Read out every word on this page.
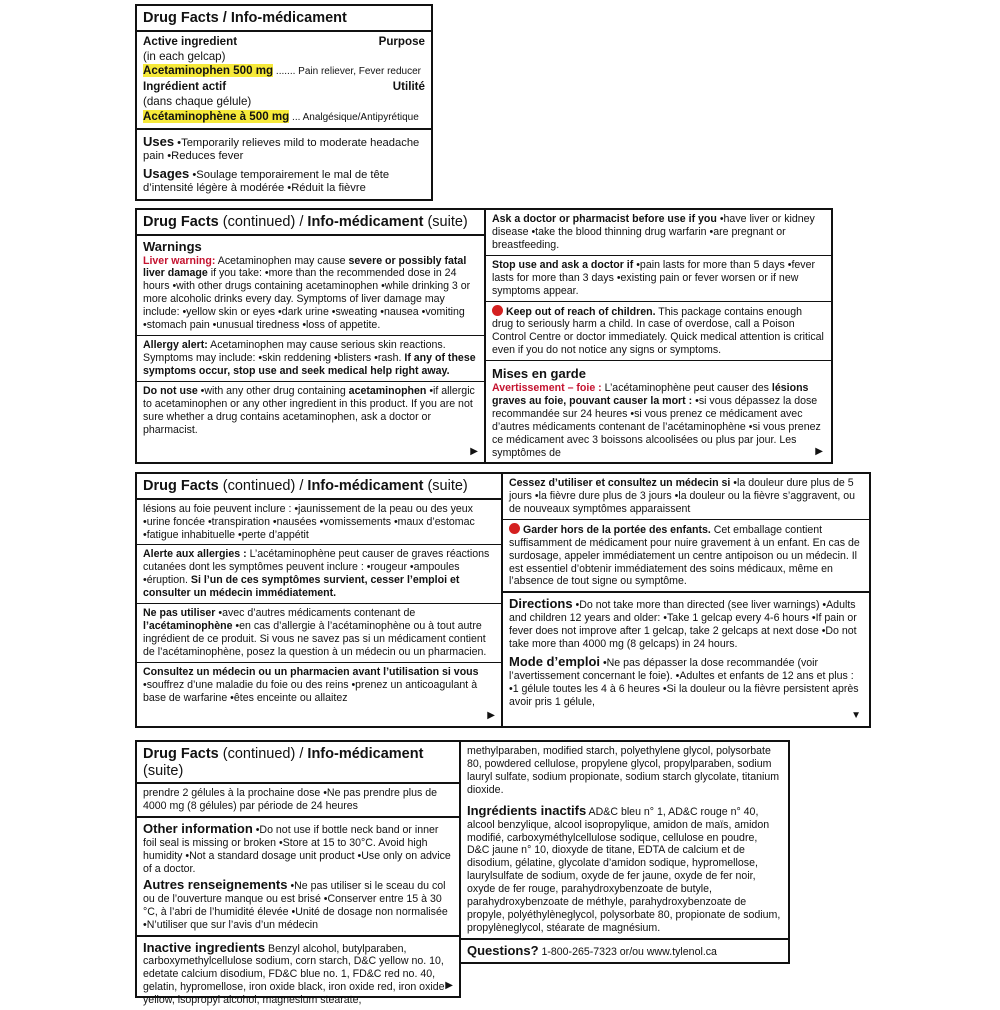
Drug Facts / Info-médicament
Active ingredient	Purpose
(in each gelcap)
Acetaminophen 500 mg ....... Pain reliever, Fever reducer
Ingrédient actif	Utilité
(dans chaque gélule)
Acétaminophène à 500 mg ... Analgésique/Antipyrétique
Uses •Temporarily relieves mild to moderate headache pain •Reduces fever
Usages •Soulage temporairement le mal de tête d’intensité légère à modérée •Réduit la fièvre
Drug Facts (continued) / Info-médicament (suite)
Warnings
Liver warning: Acetaminophen may cause severe or possibly fatal liver damage if you take: •more than the recommended dose in 24 hours •with other drugs containing acetaminophen •while drinking 3 or more alcoholic drinks every day. Symptoms of liver damage may include: •yellow skin or eyes •dark urine •sweating •nausea •vomiting •stomach pain •unusual tiredness •loss of appetite.
Allergy alert: Acetaminophen may cause serious skin reactions. Symptoms may include: •skin reddening •blisters •rash. If any of these symptoms occur, stop use and seek medical help right away.
Do not use •with any other drug containing acetaminophen •if allergic to acetaminophen or any other ingredient in this product. If you are not sure whether a drug contains acetaminophen, ask a doctor or pharmacist.
▶
Ask a doctor or pharmacist before use if you •have liver or kidney disease •take the blood thinning drug warfarin •are pregnant or breastfeeding.
Stop use and ask a doctor if •pain lasts for more than 5 days •fever lasts for more than 3 days •existing pain or fever worsen or if new symptoms appear.
Keep out of reach of children. This package contains enough drug to seriously harm a child. In case of overdose, call a Poison Control Centre or doctor immediately. Quick medical attention is critical even if you do not notice any signs or symptoms.
Mises en garde
Avertissement – foie : L’acétaminophène peut causer des lésions graves au foie, pouvant causer la mort : •si vous dépassez la dose recommandée sur 24 heures •si vous prenez ce médicament avec d’autres médicaments contenant de l’acétaminophène •si vous prenez ce médicament avec 3 boissons alcoolisées ou plus par jour. Les symptômes de	▶
Drug Facts (continued) / Info-médicament (suite)
lésions au foie peuvent inclure : •jaunissement de la peau ou des yeux •urine foncée •transpiration •nausées •vomissements •maux d’estomac •fatigue inhabituelle •perte d’appétit
Alerte aux allergies : L’acétaminophène peut causer de graves réactions cutanées dont les symptômes peuvent inclure : •rougeur •ampoules •éruption. Si l’un de ces symptômes survient, cesser l’emploi et consulter un médecin immédiatement.
Ne pas utiliser •avec d’autres médicaments contenant de l’acétaminophène •en cas d’allergie à l’acétaminophène ou à tout autre ingrédient de ce produit. Si vous ne savez pas si un médicament contient de l’acétaminophène, posez la question à un médecin ou un pharmacien.
Consultez un médecin ou un pharmacien avant l’utilisation si vous •souffrez d’une maladie du foie ou des reins •prenez un anticoagulant à base de warfarine •êtes enceinte ou allaitez
▶
Cessez d’utiliser et consultez un médecin si •la douleur dure plus de 5 jours •la fièvre dure plus de 3 jours •la douleur ou la fièvre s’aggravent, ou de nouveaux symptômes apparaissent
Garder hors de la portée des enfants. Cet emballage contient suffisamment de médicament pour nuire gravement à un enfant. En cas de surdosage, appeler immédiatement un centre antipoison ou un médecin. Il est essentiel d’obtenir immédiatement des soins médicaux, même en l’absence de tout signe ou symptôme.
Directions •Do not take more than directed (see liver warnings) •Adults and children 12 years and older: •Take 1 gelcap every 4-6 hours •If pain or fever does not improve after 1 gelcap, take 2 gelcaps at next dose •Do not take more than 4000 mg (8 gelcaps) in 24 hours.
Mode d’emploi •Ne pas dépasser la dose recommandée (voir l’avertissement concernant le foie). •Adultes et enfants de 12 ans et plus : •1 gélule toutes les 4 à 6 heures •Si la douleur ou la fièvre persistent après avoir pris 1 gélule,
▼
Drug Facts (continued) / Info-médicament (suite)
prendre 2 gélules à la prochaine dose •Ne pas prendre plus de 4000 mg (8 gélules) par période de 24 heures
Other information •Do not use if bottle neck band or inner foil seal is missing or broken •Store at 15 to 30°C. Avoid high humidity •Not a standard dosage unit product •Use only on advice of a doctor.
Autres renseignements •Ne pas utiliser si le sceau du col ou de l’ouverture manque ou est brisé •Conserver entre 15 à 30 °C, à l’abri de l’humidité élevée •Unité de dosage non normalisée •N’utiliser que sur l’avis d’un médecin
Inactive ingredients Benzyl alcohol, butylparaben, carboxymethylcellulose sodium, corn starch, D&C yellow no. 10, edetate calcium disodium, FD&C blue no. 1, FD&C red no. 40, gelatin, hypromellose, iron oxide black, iron oxide red, iron oxide yellow, isopropyl alcohol, magnesium stearate,
▶
methylparaben, modified starch, polyethylene glycol, polysorbate 80, powdered cellulose, propylene glycol, propylparaben, sodium lauryl sulfate, sodium propionate, sodium starch glycolate, titanium dioxide.
Ingrédients inactifs AD&C bleu n° 1, AD&C rouge n° 40, alcool benzylique, alcool isopropylique, amidon de maïs, amidon modifié, carboxyméthylcellulose sodique, cellulose en poudre, D&C jaune n° 10, dioxyde de titane, EDTA de calcium et de disodium, gélatine, glycolate d’amidon sodique, hypromellose, laurylsulfate de sodium, oxyde de fer jaune, oxyde de fer noir, oxyde de fer rouge, parahydroxybenzoate de butyle, parahydroxybenzoate de méthyle, parahydroxybenzoate de propyle, polyéthylèneglycol, polysorbate 80, propionate de sodium, propylèneglycol, stéarate de magnésium.
Questions? 1-800-265-7323 or/ou www.tylenol.ca
